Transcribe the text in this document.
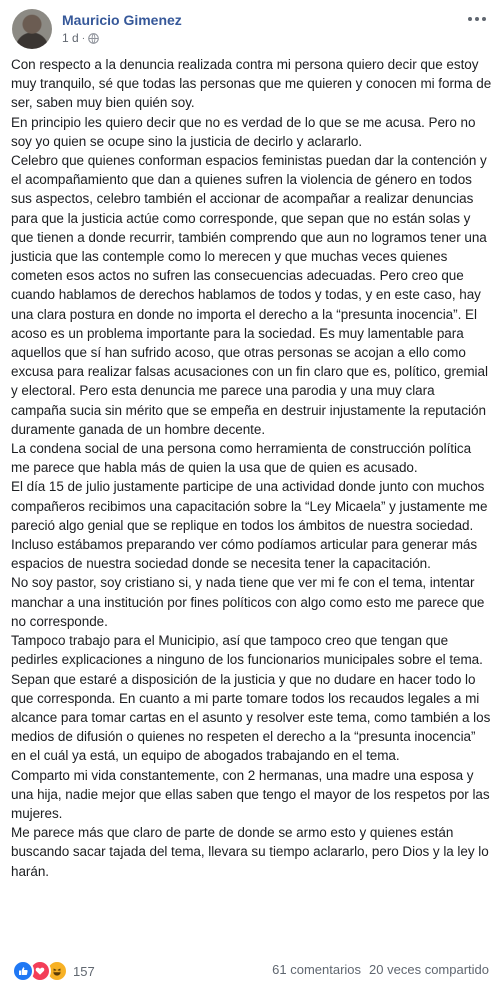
Mauricio Gimenez
1 d ·

Con respecto a la denuncia realizada contra mi persona quiero decir que estoy muy tranquilo, sé que todas las personas que me quieren y conocen mi forma de ser, saben muy bien quién soy.

En principio les quiero decir que no es verdad de lo que se me acusa. Pero no soy yo quien se ocupe sino la justicia de decirlo y aclararlo.

Celebro que quienes conforman espacios feministas puedan dar la contención y el acompañamiento que dan a quienes sufren la violencia de género en todos sus aspectos, celebro también el accionar de acompañar a realizar denuncias para que la justicia actúe como corresponde, que sepan que no están solas y que tienen a donde recurrir, también comprendo que aun no logramos tener una justicia que las contemple como lo merecen y que muchas veces quienes cometen esos actos no sufren las consecuencias adecuadas. Pero creo que cuando hablamos de derechos hablamos de todos y todas, y en este caso, hay una clara postura en donde no importa el derecho a la “presunta inocencia”. El acoso es un problema importante para la sociedad. Es muy lamentable para aquellos que sí han sufrido acoso, que otras personas se acojan a ello como excusa para realizar falsas acusaciones con un fin claro que es, político, gremial y electoral. Pero esta denuncia me parece una parodia y una muy clara campaña sucia sin mérito que se empeña en destruir injustamente la reputación duramente ganada de un hombre decente.

La condena social de una persona como herramienta de construcción política me parece que habla más de quien la usa que de quien es acusado.

El día 15 de julio justamente participe de una actividad donde junto con muchos compañeros recibimos una capacitación sobre la “Ley Micaela” y justamente me pareció algo genial que se replique en todos los ámbitos de nuestra sociedad. Incluso estábamos preparando ver cómo podíamos articular para generar más espacios de nuestra sociedad donde se necesita tener la capacitación.

No soy pastor, soy cristiano si, y nada tiene que ver mi fe con el tema, intentar manchar a una institución por fines políticos con algo como esto me parece que no corresponde.

Tampoco trabajo para el Municipio, así que tampoco creo que tengan que pedirles explicaciones a ninguno de los funcionarios municipales sobre el tema.

Sepan que estaré a disposición de la justicia y que no dudare en hacer todo lo que corresponda. En cuanto a mi parte tomare todos los recaudos legales a mi alcance para tomar cartas en el asunto y resolver este tema, como también a los medios de difusión o quienes no respeten el derecho a la “presunta inocencia” en el cuál ya está, un equipo de abogados trabajando en el tema.

Comparto mi vida constantemente, con 2 hermanas, una madre una esposa y una hija, nadie mejor que ellas saben que tengo el mayor de los respetos por las mujeres.

Me parece más que claro de parte de donde se armo esto y quienes están buscando sacar tajada del tema, llevara su tiempo aclararlo, pero Dios y la ley lo harán.

157	61 comentarios 20 veces compartido
